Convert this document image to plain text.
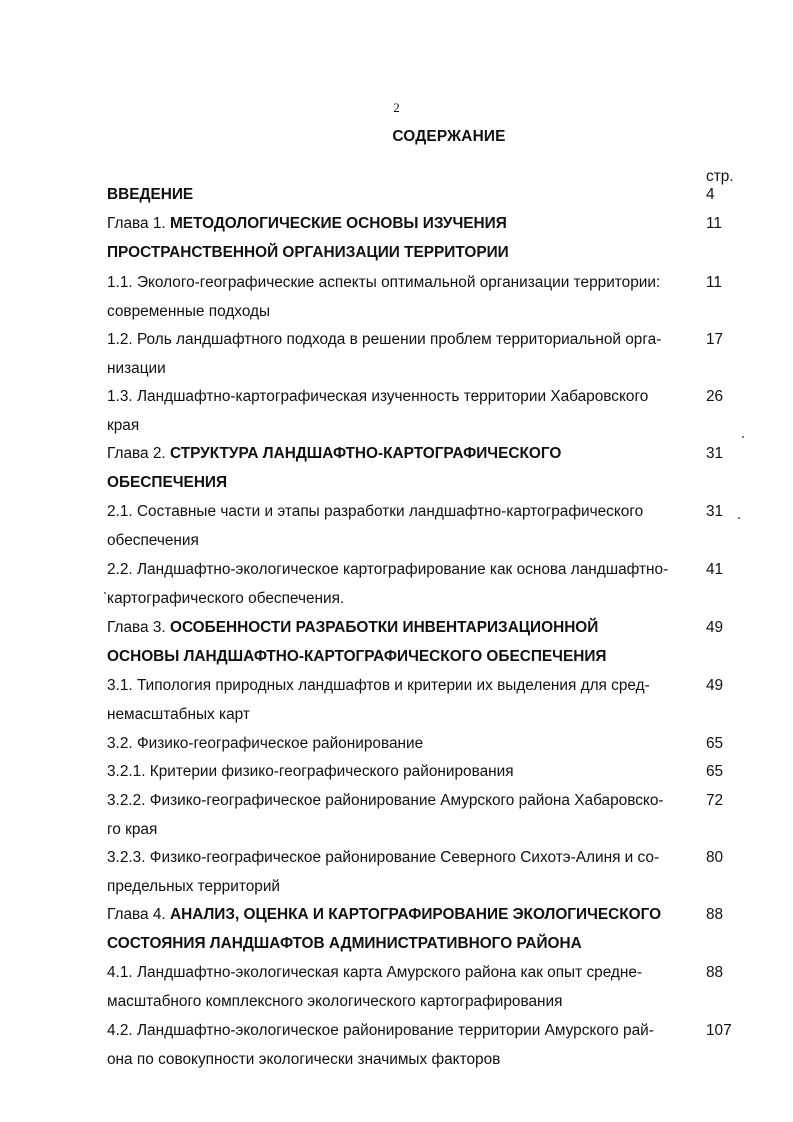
2
СОДЕРЖАНИЕ
стр.
ВВЕДЕНИЕ	4
Глава 1. МЕТОДОЛОГИЧЕСКИЕ ОСНОВЫ ИЗУЧЕНИЯ
ПРОСТРАНСТВЕННОЙ ОРГАНИЗАЦИИ ТЕРРИТОРИИ
11
1.1. Эколого-географические аспекты оптимальной организации территории:
современные подходы
11
1.2. Роль ландшафтного подхода в решении проблем территориальной орга-
низации
17
1.3. Ландшафтно-картографическая изученность территории Хабаровского
края
26
Глава 2. СТРУКТУРА ЛАНДШАФТНО-КАРТОГРАФИЧЕСКОГО
ОБЕСПЕЧЕНИЯ
31
2.1. Составные части и этапы разработки ландшафтно-картографического
обеспечения
31
2.2. Ландшафтно-экологическое картографирование как основа ландшафтно-
картографического обеспечения.
41
Глава 3. ОСОБЕННОСТИ РАЗРАБОТКИ ИНВЕНТАРИЗАЦИОННОЙ
ОСНОВЫ ЛАНДШАФТНО-КАРТОГРАФИЧЕСКОГО ОБЕСПЕЧЕНИЯ
49
3.1. Типология природных ландшафтов и критерии их выделения для сред-
немасштабных карт
49
3.2. Физико-географическое районирование	65
3.2.1. Критерии физико-географического районирования	65
3.2.2. Физико-географическое районирование Амурского района Хабаровско-
го края
72
3.2.3. Физико-географическое районирование Северного Сихотэ-Алиня и со-
предельных территорий
80
Глава 4. АНАЛИЗ, ОЦЕНКА И КАРТОГРАФИРОВАНИЕ ЭКОЛОГИЧЕСКОГО
СОСТОЯНИЯ ЛАНДШАФТОВ АДМИНИСТРАТИВНОГО РАЙОНА
88
4.1. Ландшафтно-экологическая карта Амурского района как опыт средне-
масштабного комплексного экологического картографирования
88
4.2. Ландшафтно-экологическое районирование территории Амурского рай-
она по совокупности экологически значимых факторов
107
